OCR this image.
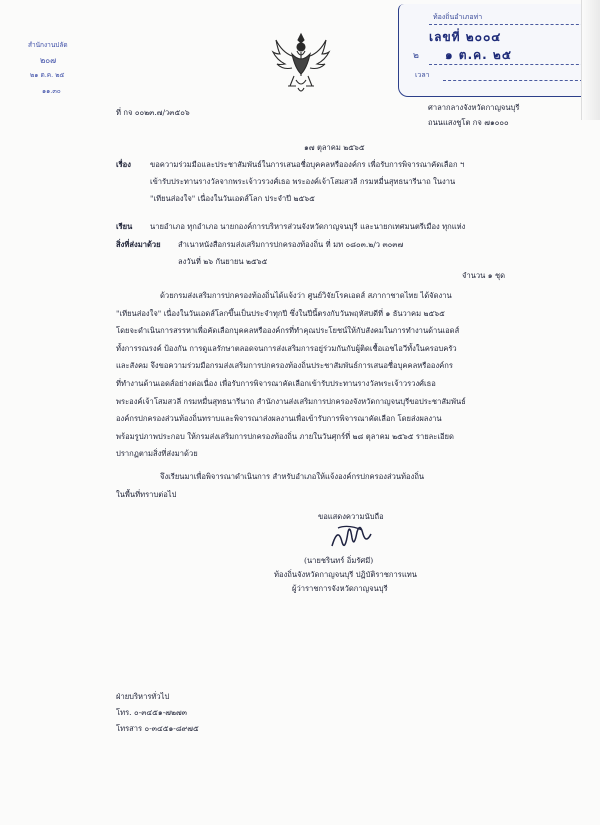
ท้องถิ่นอำเภอท่า
เลขที่ ๒๐๐๔
๒ ๑ ต.ค. ๒๕
เวลา
สำนักงานปลัด
๒๐๗
๒๑ ต.ค. ๒๕
๑๑.๓๐
ที่ กจ ๐๐๒๓.๗/ว๓๕๐๖
ศาลากลางจังหวัดกาญจนบุรี
ถนนแสงชูโต กจ ๗๑๐๐๐
๑๗ ตุลาคม ๒๕๖๕
เรื่อง	ขอความร่วมมือและประชาสัมพันธ์ในการเสนอชื่อบุคคลหรือองค์กร เพื่อรับการพิจารณาคัดเลือก ฯ
เข้ารับประทานรางวัลจากพระเจ้าวรวงศ์เธอ พระองค์เจ้าโสมสวลี กรมหมื่นสุทธนารีนาถ ในงาน
"เทียนส่องใจ" เนื่องในวันเอดส์โลก ประจำปี ๒๕๖๕
เรียน นายอำเภอ ทุกอำเภอ นายกองค์การบริหารส่วนจังหวัดกาญจนบุรี และนายกเทศมนตรีเมือง ทุกแห่ง
สิ่งที่ส่งมาด้วย สำเนาหนังสือกรมส่งเสริมการปกครองท้องถิ่น ที่ มท ๐๘๐๓.๒/ว ๓๐๓๗
ลงวันที่ ๒๖ กันยายน ๒๕๖๕
จำนวน ๑ ชุด
ด้วยกรมส่งเสริมการปกครองท้องถิ่นได้แจ้งว่า ศูนย์วิจัยโรคเอดส์ สภากาชาดไทย ได้จัดงาน
"เทียนส่องใจ" เนื่องในวันเอดส์โลกขึ้นเป็นประจำทุกปี ซึ่งในปีนี้ตรงกับวันพฤหัสบดีที่ ๑ ธันวาคม ๒๕๖๕
โดยจะดำเนินการสรรหาเพื่อคัดเลือกบุคคลหรือองค์กรที่ทำคุณประโยชน์ให้กับสังคมในการทำงานด้านเอดส์
ทั้งการรณรงค์ ป้องกัน การดูแลรักษาตลอดจนการส่งเสริมการอยู่ร่วมกันกับผู้ติดเชื้อเอชไอวีทั้งในครอบครัว
และสังคม จึงขอความร่วมมือกรมส่งเสริมการปกครองท้องถิ่นประชาสัมพันธ์การเสนอชื่อบุคคลหรือองค์กร
ที่ทำงานด้านเอดส์อย่างต่อเนื่อง เพื่อรับการพิจารณาคัดเลือกเข้ารับประทานรางวัลพระเจ้าวรวงศ์เธอ
พระองค์เจ้าโสมสวลี กรมหมื่นสุทธนารีนาถ สำนักงานส่งเสริมการปกครองจังหวัดกาญจนบุรีขอประชาสัมพันธ์
องค์กรปกครองส่วนท้องถิ่นทราบและพิจารณาส่งผลงานเพื่อเข้ารับการพิจารณาคัดเลือก โดยส่งผลงาน
พร้อมรูปภาพประกอบ ให้กรมส่งเสริมการปกครองท้องถิ่น ภายในวันศุกร์ที่ ๒๘ ตุลาคม ๒๕๖๕ รายละเอียด
ปรากฏตามสิ่งที่ส่งมาด้วย
จึงเรียนมาเพื่อพิจารณาดำเนินการ สำหรับอำเภอให้แจ้งองค์กรปกครองส่วนท้องถิ่น
ในพื้นที่ทราบต่อไป
ขอแสดงความนับถือ
(นายชรินทร์ อิ่มรัศมี)
ท้องถิ่นจังหวัดกาญจนบุรี ปฏิบัติราชการแทน
ผู้ว่าราชการจังหวัดกาญจนบุรี
ฝ่ายบริหารทั่วไป
โทร. ๐-๓๔๕๑-๗๒๗๓
โทรสาร ๐-๓๔๕๑-๘๙๗๕
